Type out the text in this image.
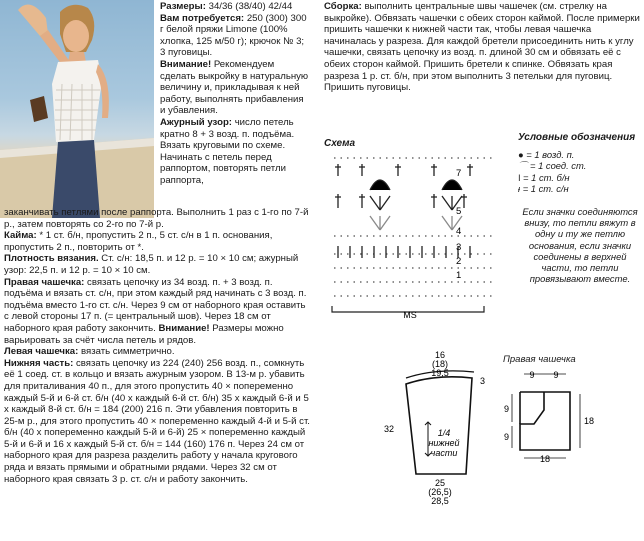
Размеры: 34/36 (38/40) 42/44
Вам потребуется: 250 (300) 300 г белой пряжи Limone (100% хлопка, 125 м/50 г); крючок № 3; 3 пуговицы.
Внимание! Рекомендуем сделать выкройку в натуральную величину и, прикладывая к ней работу, выполнять прибавления и убавления.
Ажурный узор: число петель кратно 8 + 3 возд. п. подъёма. Вязать круговыми по схеме. Начинать с петель перед раппортом, повторять петли раппорта,
заканчивать петлями после раппорта. Выполнить 1 раз с 1-го по 7-й р., затем повторять со 2-го по 7-й р.
Кайма: * 1 ст. б/н, пропустить 2 п., 5 ст. с/н в 1 п. основания, пропустить 2 п., повторить от *.
Плотность вязания. Ст. с/н: 18,5 п. и 12 р. = 10 × 10 см; ажурный узор: 22,5 п. и 12 р. = 10 × 10 см.
Правая чашечка: связать цепочку из 34 возд. п. + 3 возд. п. подъёма и вязать ст. с/н, при этом каждый ряд начинать с 3 возд. п. подъёма вместо 1-го ст. с/н. Через 9 см от наборного края оставить с левой стороны 17 п. (= центральный шов). Через 18 см от наборного края работу закончить. Внимание! Размеры можно варьировать за счёт числа петель и рядов.
Левая чашечка: вязать симметрично.
Нижняя часть: связать цепочку из 224 (240) 256 возд. п., сомкнуть её 1 соед. ст. в кольцо и вязать ажурным узором. В 13-м р. убавить для приталивания 40 п., для этого пропустить 40 × попеременно каждый 5-й и 6-й ст. б/н (40 х каждый 6-й ст. б/н) 35 х каждый 6-й и 5 х каждый 8-й ст. б/н = 184 (200) 216 п. Эти убавления повторить в 25-м р., для этого пропустить 40 × попеременно каждый 4-й и 5-й ст. б/н (40 х попеременно каждый 5-й и 6-й) 25 × попеременно каждый 5-й и 6-й и 16 х каждый 5-й ст. б/н = 144 (160) 176 п. Через 24 см от наборного края для разреза разделить работу у начала кругового ряда и вязать прямыми и обратными рядами. Через 32 см от наборного края связать 3 р. ст. с/н и работу закончить.
Сборка: выполнить центральные швы чашечек (см. стрелку на выкройке). Обвязать чашечки с обеих сторон каймой. После примерки пришить чашечки к нижней части так, чтобы левая чашечка начиналась у разреза. Для каждой бретели присоединить нить к углу чашечки, связать цепочку из возд. п. длиной 30 см и обвязать её с обеих сторон каймой. Пришить бретели к спинке. Обвязать края разреза 1 р. ст. б/н, при этом выполнить 3 петельки для пуговиц. Пришить пуговицы.
Схема
MS
7
6
5
4
3
2
1
Условные обозначения
● = 1 возд. п.
⌒ = 1 соед. ст.
ǀ = 1 ст. б/н
ᵻ = 1 ст. с/н
Если значки соединяются внизу, то петли вяжут в одну и ту же петлю основания, если значки соединены в верхней части, то петли провязывают вместе.
16
(18)
19,5
3
32	1/4
нижней
части
25
(26,5)
28,5
Правая чашечка
9 9
9
9
18
18
